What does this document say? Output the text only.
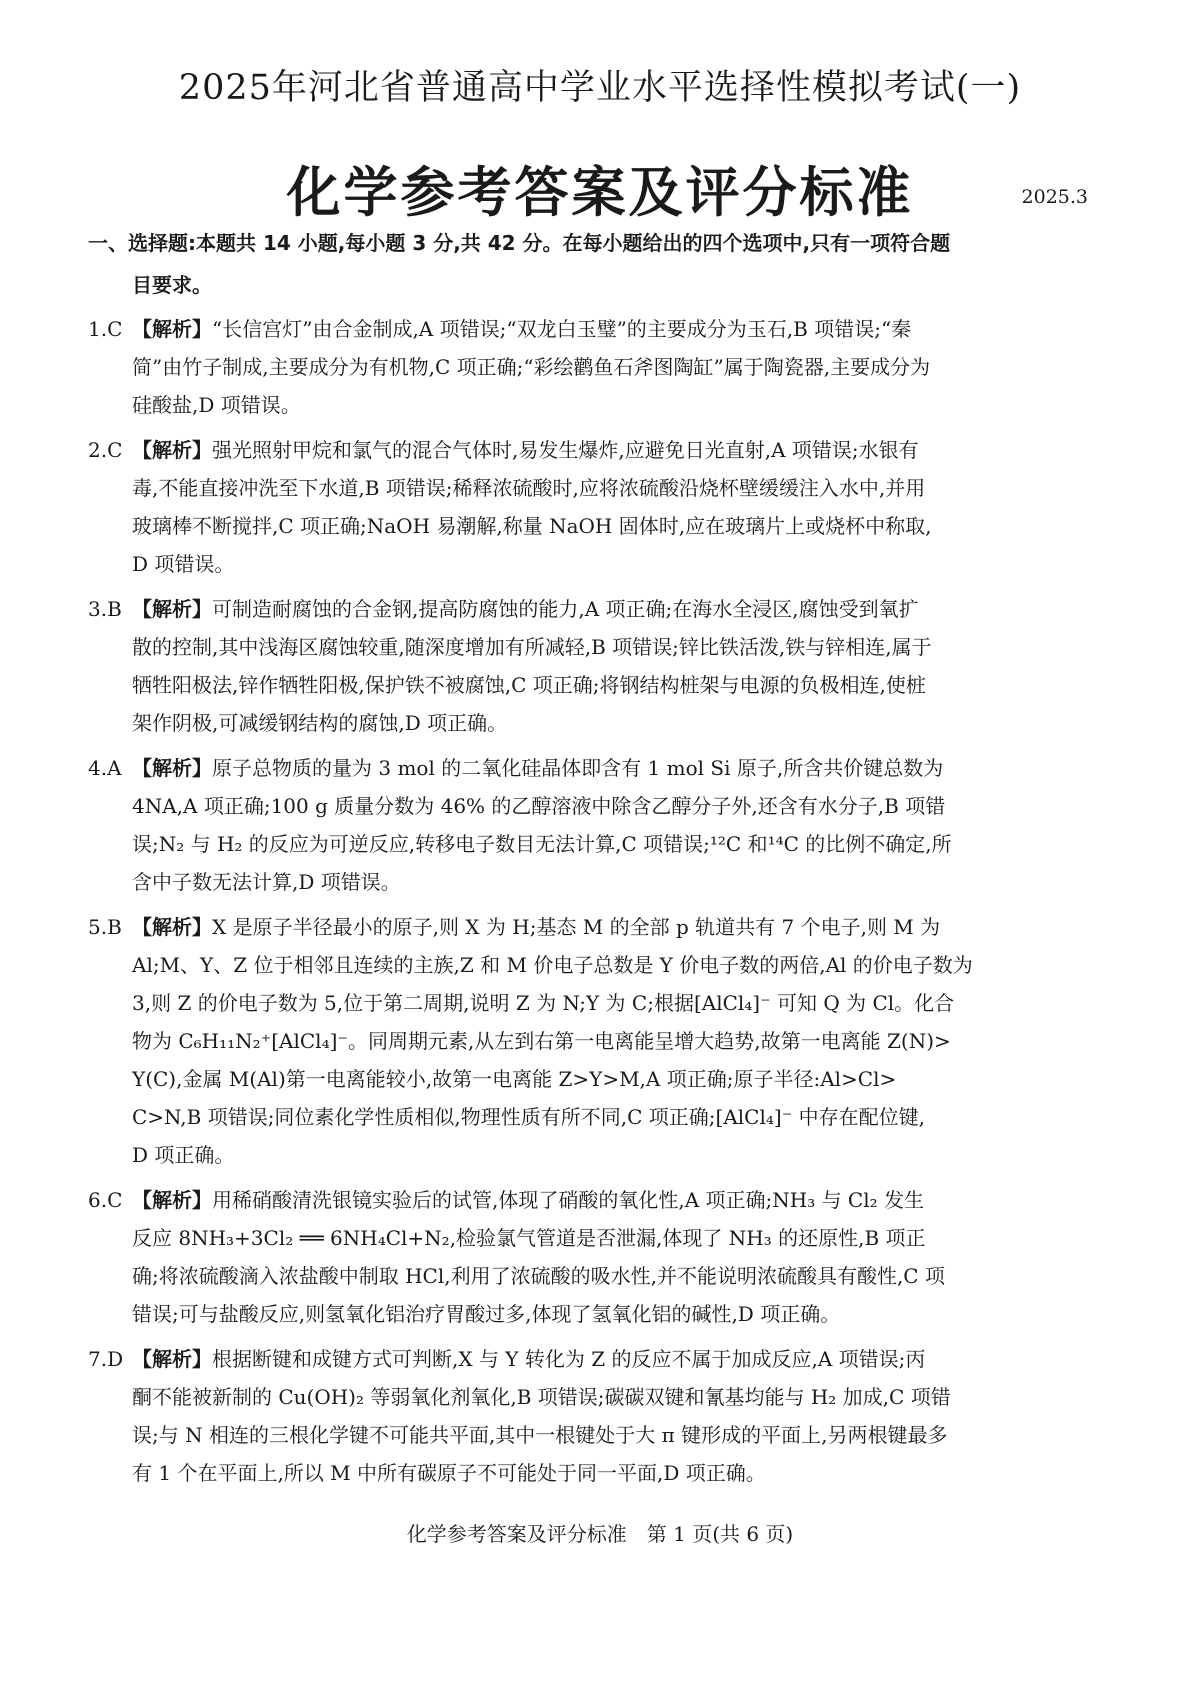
2025年河北省普通高中学业水平选择性模拟考试(一)
化学参考答案及评分标准	2025.3
一、选择题:本题共 14 小题,每小题 3 分,共 42 分。在每小题给出的四个选项中,只有一项符合题
目要求。
1.C 【解析】“长信宫灯”由合金制成,A 项错误;“双龙白玉璧”的主要成分为玉石,B 项错误;“秦
简”由竹子制成,主要成分为有机物,C 项正确;“彩绘鹳鱼石斧图陶缸”属于陶瓷器,主要成分为
硅酸盐,D 项错误。
2.C 【解析】强光照射甲烷和氯气的混合气体时,易发生爆炸,应避免日光直射,A 项错误;水银有
毒,不能直接冲洗至下水道,B 项错误;稀释浓硫酸时,应将浓硫酸沿烧杯壁缓缓注入水中,并用
玻璃棒不断搅拌,C 项正确;NaOH 易潮解,称量 NaOH 固体时,应在玻璃片上或烧杯中称取,
D 项错误。
3.B 【解析】可制造耐腐蚀的合金钢,提高防腐蚀的能力,A 项正确;在海水全浸区,腐蚀受到氧扩
散的控制,其中浅海区腐蚀较重,随深度增加有所减轻,B 项错误;锌比铁活泼,铁与锌相连,属于
牺牲阳极法,锌作牺牲阳极,保护铁不被腐蚀,C 项正确;将钢结构桩架与电源的负极相连,使桩
架作阴极,可减缓钢结构的腐蚀,D 项正确。
4.A 【解析】原子总物质的量为 3 mol 的二氧化硅晶体即含有 1 mol Si 原子,所含共价键总数为
4NA,A 项正确;100 g 质量分数为 46% 的乙醇溶液中除含乙醇分子外,还含有水分子,B 项错
误;N₂ 与 H₂ 的反应为可逆反应,转移电子数目无法计算,C 项错误;¹²C 和¹⁴C 的比例不确定,所
含中子数无法计算,D 项错误。
5.B 【解析】X 是原子半径最小的原子,则 X 为 H;基态 M 的全部 p 轨道共有 7 个电子,则 M 为
Al;M、Y、Z 位于相邻且连续的主族,Z 和 M 价电子总数是 Y 价电子数的两倍,Al 的价电子数为
3,则 Z 的价电子数为 5,位于第二周期,说明 Z 为 N;Y 为 C;根据[AlCl₄]⁻ 可知 Q 为 Cl。化合
物为 C₆H₁₁N₂⁺[AlCl₄]⁻。同周期元素,从左到右第一电离能呈增大趋势,故第一电离能 Z(N)>
Y(C),金属 M(Al)第一电离能较小,故第一电离能 Z>Y>M,A 项正确;原子半径:Al>Cl>
C>N,B 项错误;同位素化学性质相似,物理性质有所不同,C 项正确;[AlCl₄]⁻ 中存在配位键,
D 项正确。
6.C 【解析】用稀硝酸清洗银镜实验后的试管,体现了硝酸的氧化性,A 项正确;NH₃ 与 Cl₂ 发生
反应 8NH₃+3Cl₂ ══ 6NH₄Cl+N₂,检验氯气管道是否泄漏,体现了 NH₃ 的还原性,B 项正
确;将浓硫酸滴入浓盐酸中制取 HCl,利用了浓硫酸的吸水性,并不能说明浓硫酸具有酸性,C 项
错误;可与盐酸反应,则氢氧化铝治疗胃酸过多,体现了氢氧化铝的碱性,D 项正确。
7.D 【解析】根据断键和成键方式可判断,X 与 Y 转化为 Z 的反应不属于加成反应,A 项错误;丙
酮不能被新制的 Cu(OH)₂ 等弱氧化剂氧化,B 项错误;碳碳双键和氰基均能与 H₂ 加成,C 项错
误;与 N 相连的三根化学键不可能共平面,其中一根键处于大 π 键形成的平面上,另两根键最多
有 1 个在平面上,所以 M 中所有碳原子不可能处于同一平面,D 项正确。
化学参考答案及评分标准　第 1 页(共 6 页)
